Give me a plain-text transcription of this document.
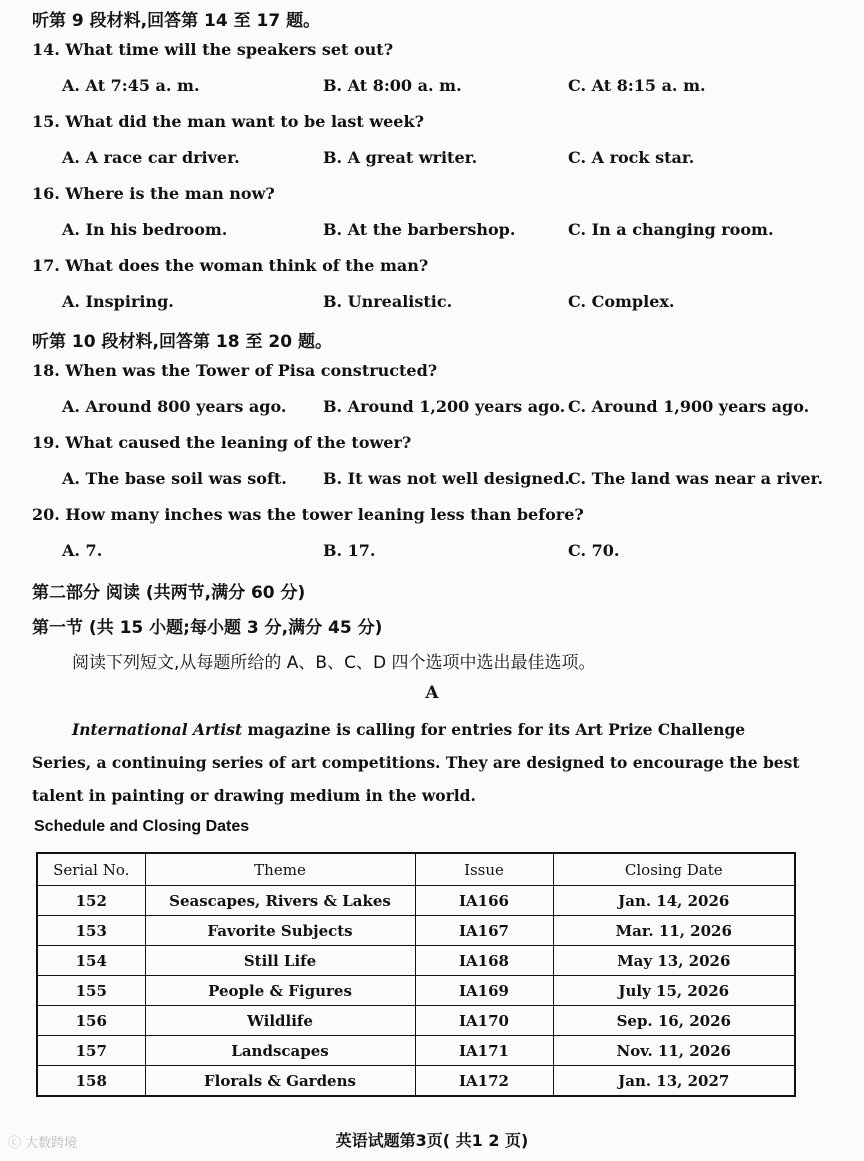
听第 9 段材料,回答第 14 至 17 题。
14. What time will the speakers set out?
A. At 7:45 a. m.	B. At 8:00 a. m.	C. At 8:15 a. m.
15. What did the man want to be last week?
A. A race car driver.	B. A great writer.	C. A rock star.
16. Where is the man now?
A. In his bedroom.	B. At the barbershop.	C. In a changing room.
17. What does the woman think of the man?
A. Inspiring.	B. Unrealistic.	C. Complex.
听第 10 段材料,回答第 18 至 20 题。
18. When was the Tower of Pisa constructed?
A. Around 800 years ago. B. Around 1,200 years ago. C. Around 1,900 years ago.
19. What caused the leaning of the tower?
A. The base soil was soft. B. It was not well designed.
C. The land was near a river.
20. How many inches was the tower leaning less than before?
A. 7.	B. 17.	C. 70.
第二部分 阅读 (共两节,满分 60 分)
第一节 (共 15 小题;每小题 3 分,满分 45 分)
阅读下列短文,从每题所给的 A、B、C、D 四个选项中选出最佳选项。
A
International Artist magazine is calling for entries for its Art Prize Challenge Series, a continuing series of art competitions. They are designed to encourage the best talent in painting or drawing medium in the world.
Schedule and Closing Dates
Serial No.	Theme	Issue	Closing Date
152	Seascapes, Rivers & Lakes	IA166	Jan. 14, 2026
153	Favorite Subjects	IA167	Mar. 11, 2026
154	Still Life	IA168	May 13, 2026
155	People & Figures	IA169	July 15, 2026
156	Wildlife	IA170	Sep. 16, 2026
157	Landscapes	IA171	Nov. 11, 2026
158	Florals & Gardens	IA172	Jan. 13, 2027
英语试题第3页( 共1 2 页)
ⓒ 大数跨境
